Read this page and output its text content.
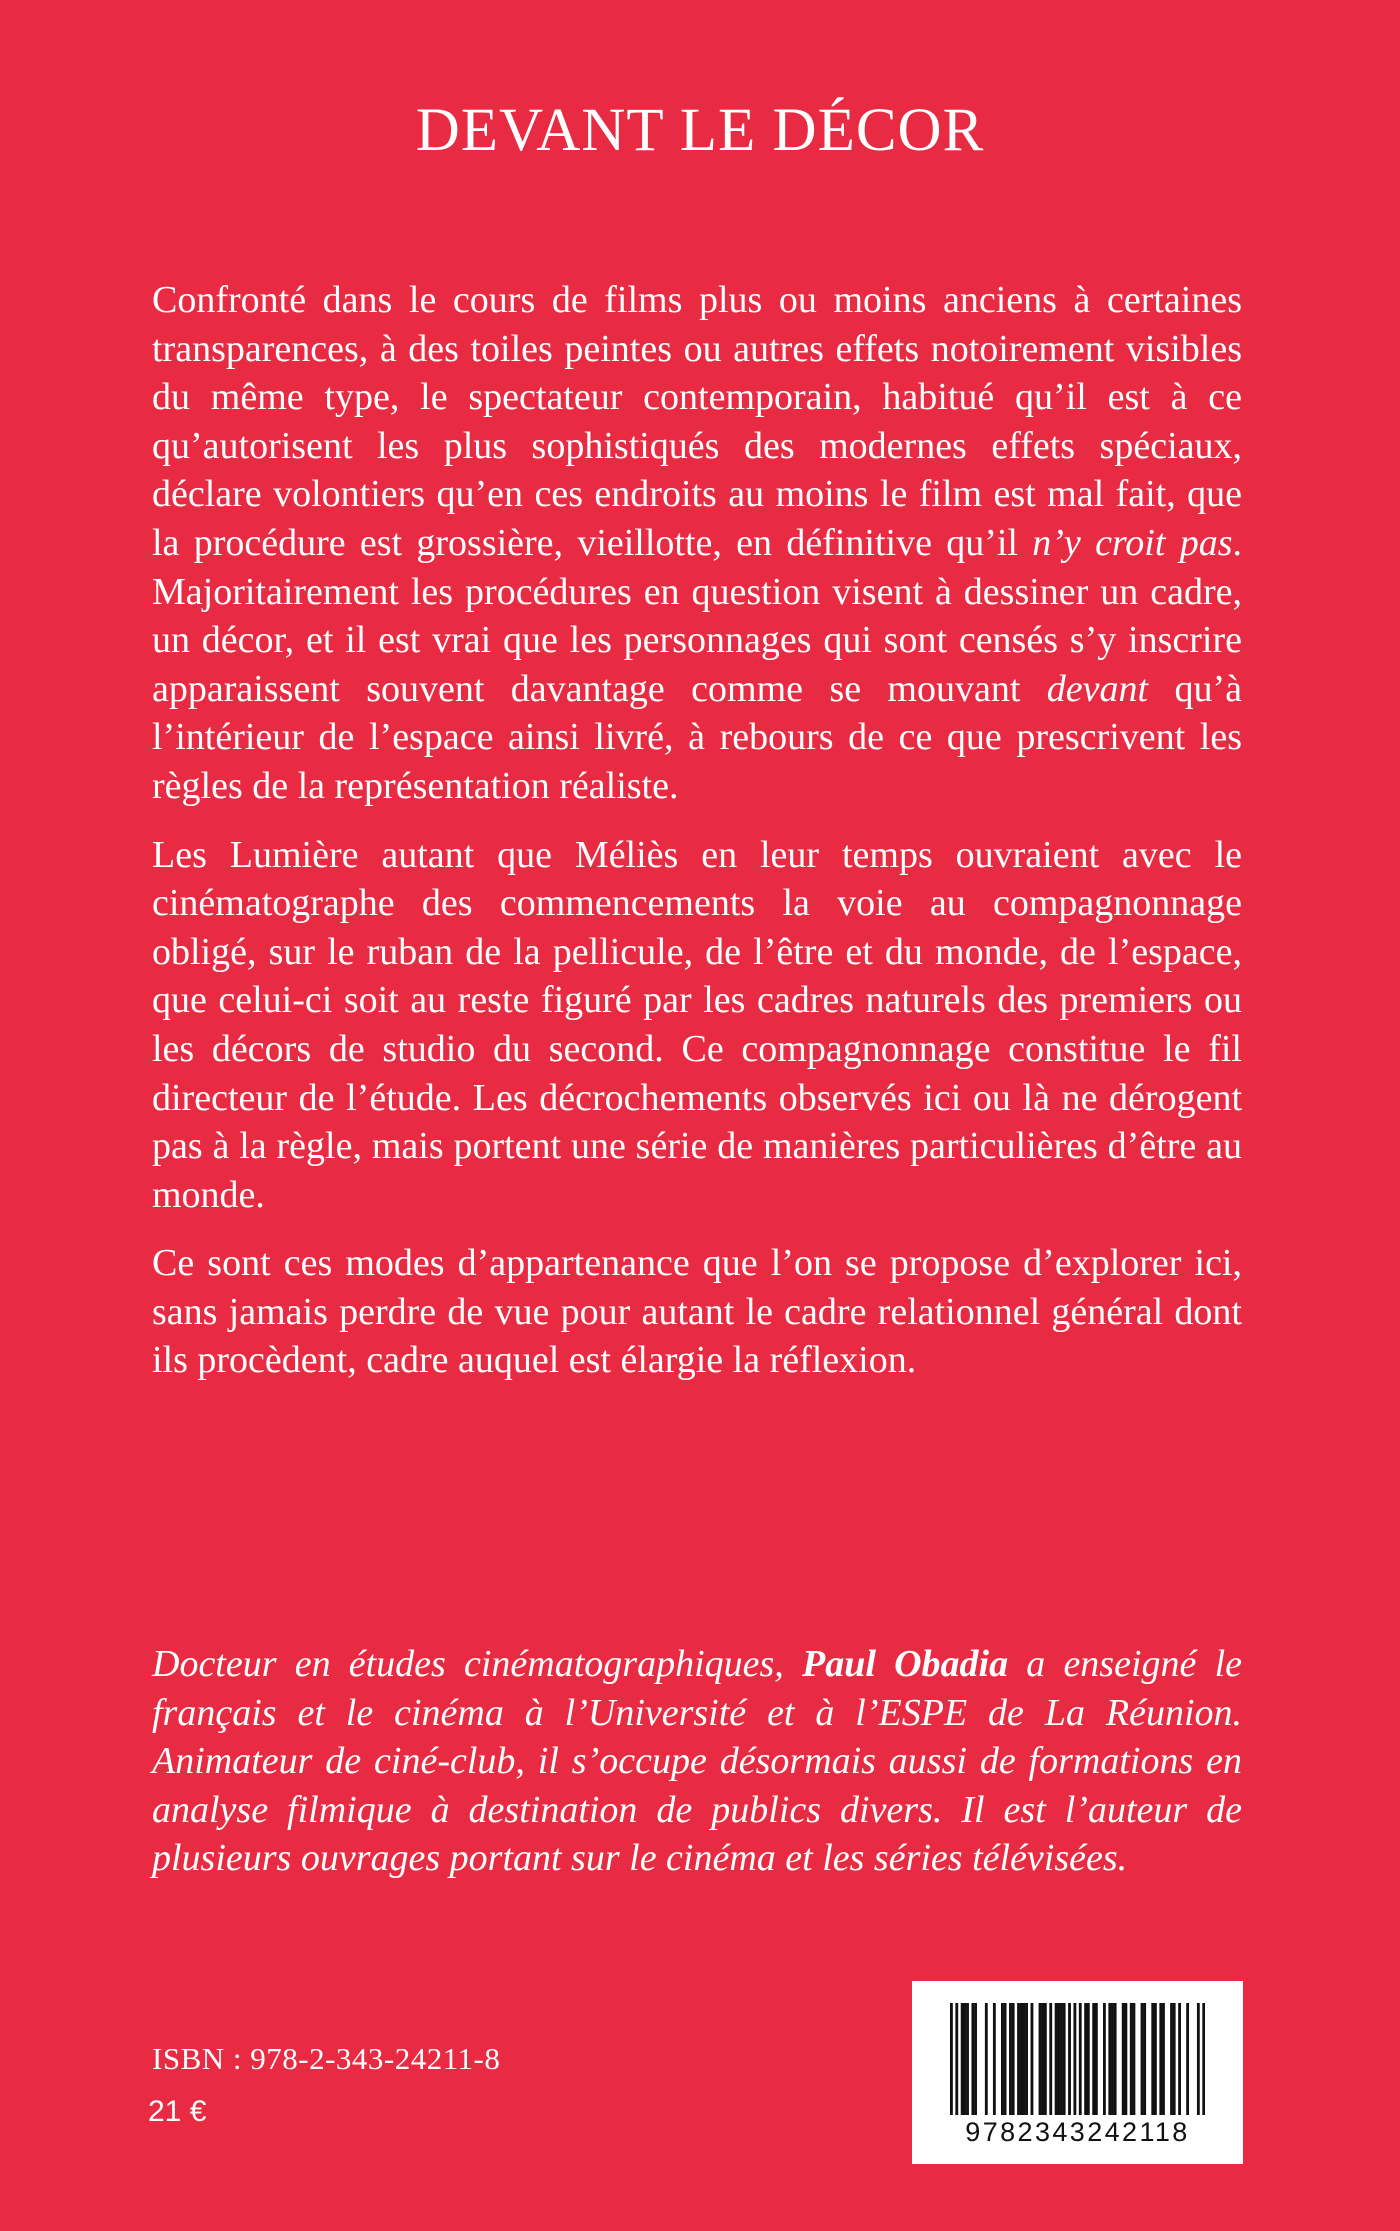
DEVANT LE DÉCOR

Confronté dans le cours de films plus ou moins anciens à certaines transparences, à des toiles peintes ou autres effets notoirement visibles du même type, le spectateur contemporain, habitué qu’il est à ce qu’autorisent les plus sophistiqués des modernes effets spéciaux, déclare volontiers qu’en ces endroits au moins le film est mal fait, que la procédure est grossière, vieillotte, en définitive qu’il n’y croit pas. Majoritairement les procédures en question visent à dessiner un cadre, un décor, et il est vrai que les personnages qui sont censés s’y inscrire apparaissent souvent davantage comme se mouvant devant qu’à l’intérieur de l’espace ainsi livré, à rebours de ce que prescrivent les règles de la représentation réaliste.

Les Lumière autant que Méliès en leur temps ouvraient avec le cinématographe des commencements la voie au compagnonnage obligé, sur le ruban de la pellicule, de l’être et du monde, de l’espace, que celui-ci soit au reste figuré par les cadres naturels des premiers ou les décors de studio du second. Ce compagnonnage constitue le fil directeur de l’étude. Les décrochements observés ici ou là ne dérogent pas à la règle, mais portent une série de manières particulières d’être au monde.

Ce sont ces modes d’appartenance que l’on se propose d’explorer ici, sans jamais perdre de vue pour autant le cadre relationnel général dont ils procèdent, cadre auquel est élargie la réflexion.

Docteur en études cinématographiques, Paul Obadia a enseigné le français et le cinéma à l’Université et à l’ESPE de La Réunion. Animateur de ciné-club, il s’occupe désormais aussi de formations en analyse filmique à destination de publics divers. Il est l’auteur de plusieurs ouvrages portant sur le cinéma et les séries télévisées.

ISBN : 978-2-343-24211-8
21 €
9782343242118
